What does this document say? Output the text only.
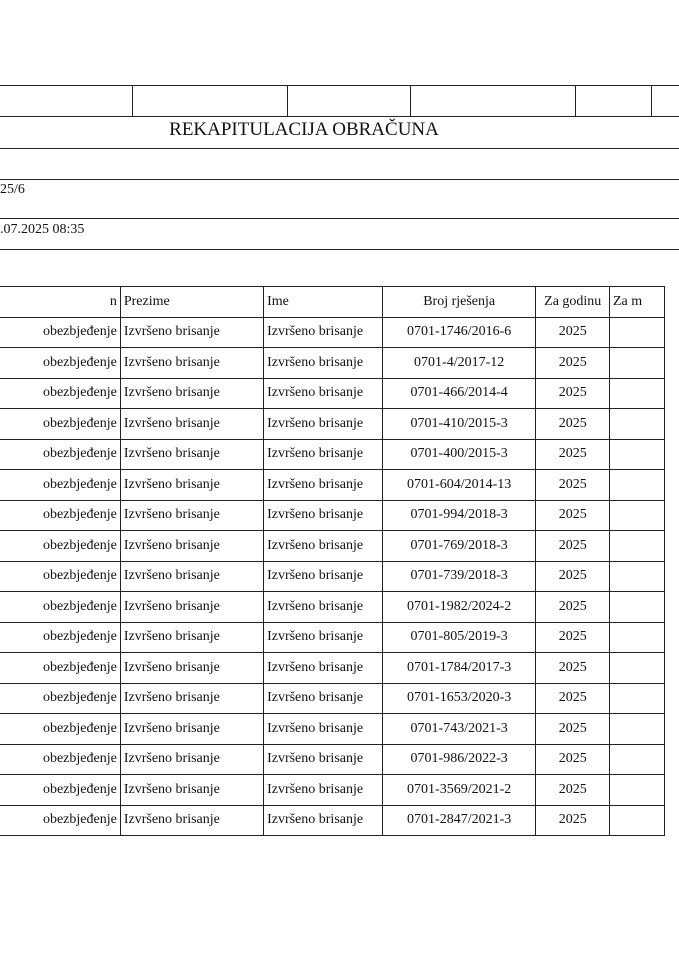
REKAPITULACIJA OBRAČUNA
25/6
.07.2025 08:35
n	Prezime	Ime	Broj rješenja	Za godinu	Za m
obezbjeđenje	Izvršeno brisanje	Izvršeno brisanje	0701-1746/2016-6	2025	
obezbjeđenje	Izvršeno brisanje	Izvršeno brisanje	0701-4/2017-12	2025	
obezbjeđenje	Izvršeno brisanje	Izvršeno brisanje	0701-466/2014-4	2025	
obezbjeđenje	Izvršeno brisanje	Izvršeno brisanje	0701-410/2015-3	2025	
obezbjeđenje	Izvršeno brisanje	Izvršeno brisanje	0701-400/2015-3	2025	
obezbjeđenje	Izvršeno brisanje	Izvršeno brisanje	0701-604/2014-13	2025	
obezbjeđenje	Izvršeno brisanje	Izvršeno brisanje	0701-994/2018-3	2025	
obezbjeđenje	Izvršeno brisanje	Izvršeno brisanje	0701-769/2018-3	2025	
obezbjeđenje	Izvršeno brisanje	Izvršeno brisanje	0701-739/2018-3	2025	
obezbjeđenje	Izvršeno brisanje	Izvršeno brisanje	0701-1982/2024-2	2025	
obezbjeđenje	Izvršeno brisanje	Izvršeno brisanje	0701-805/2019-3	2025	
obezbjeđenje	Izvršeno brisanje	Izvršeno brisanje	0701-1784/2017-3	2025	
obezbjeđenje	Izvršeno brisanje	Izvršeno brisanje	0701-1653/2020-3	2025	
obezbjeđenje	Izvršeno brisanje	Izvršeno brisanje	0701-743/2021-3	2025	
obezbjeđenje	Izvršeno brisanje	Izvršeno brisanje	0701-986/2022-3	2025	
obezbjeđenje	Izvršeno brisanje	Izvršeno brisanje	0701-3569/2021-2	2025	
obezbjeđenje	Izvršeno brisanje	Izvršeno brisanje	0701-2847/2021-3	2025	
